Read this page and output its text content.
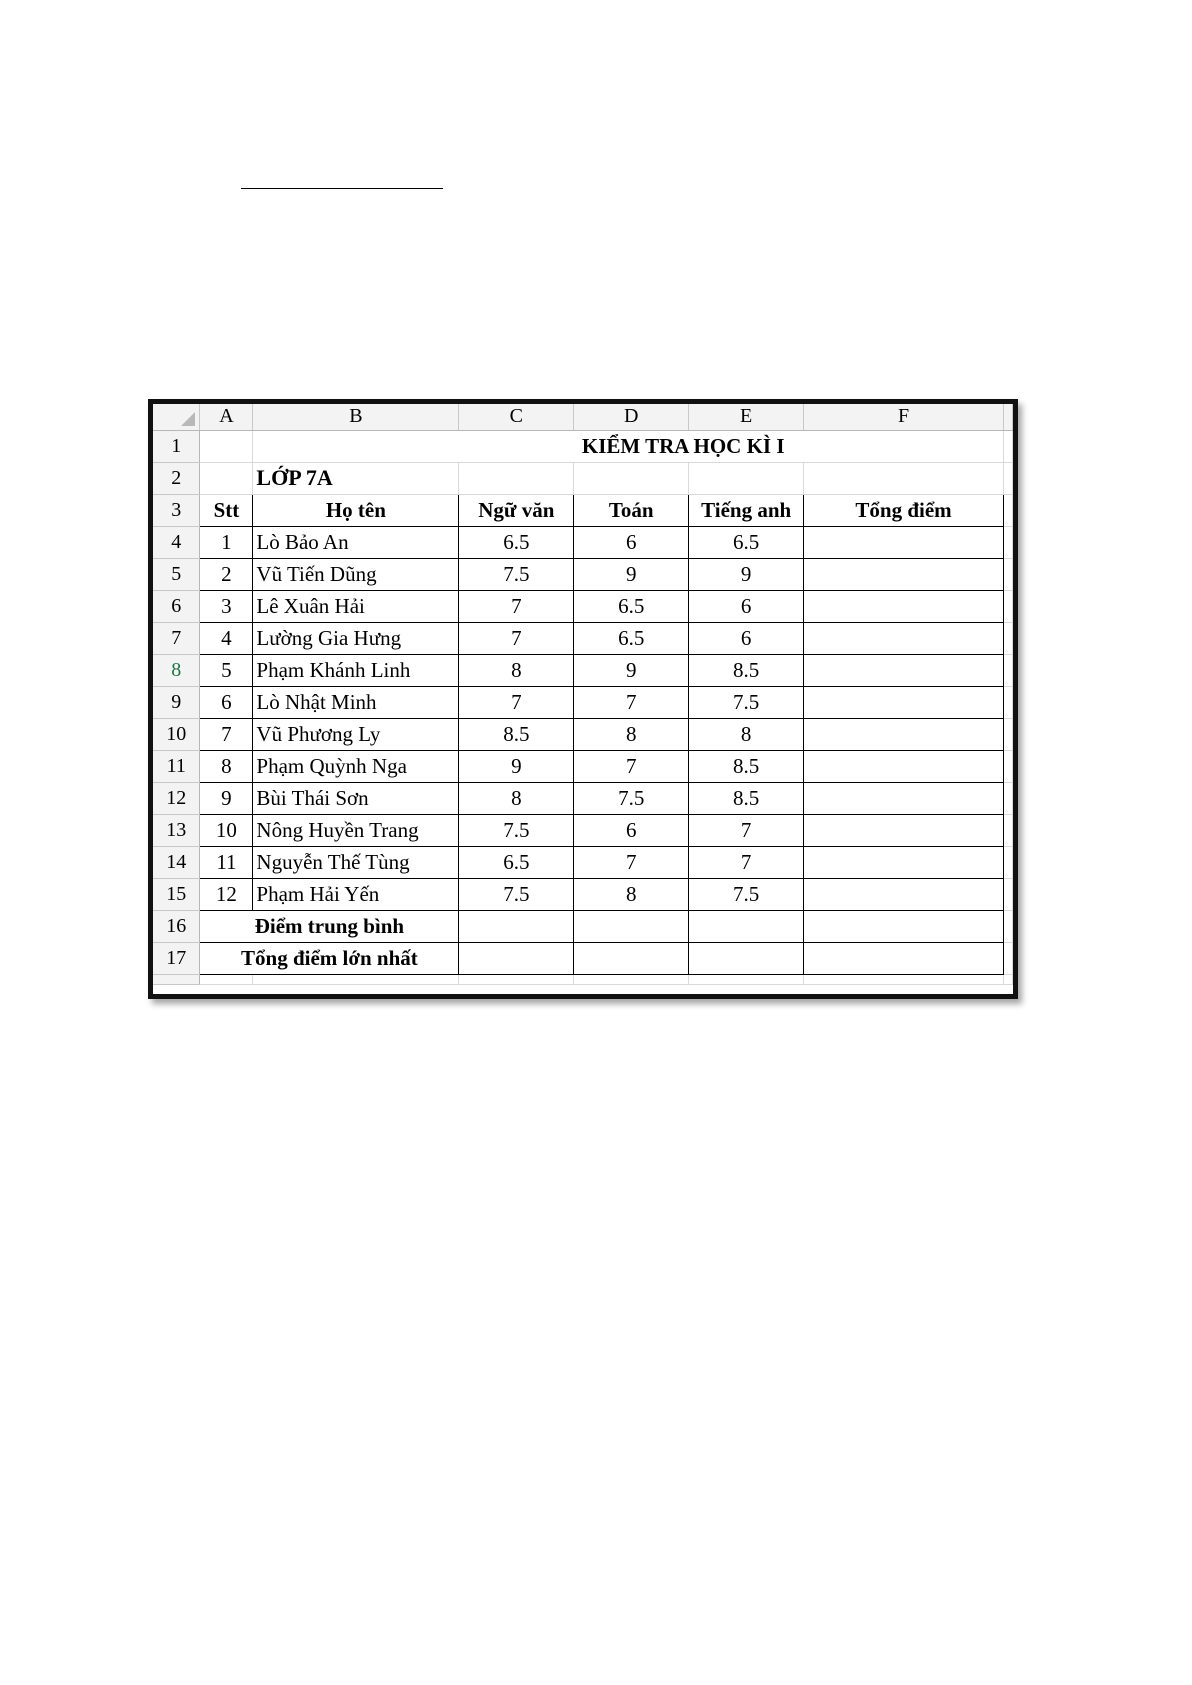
	A	B	C	D	E	F	
1		KIỂM TRA HỌC KÌ I					
2		LỚP 7A					
3	Stt	Họ tên	Ngữ văn	Toán	Tiếng anh	Tổng điểm	
4	1	Lò Bảo An	6.5	6	6.5		
5	2	Vũ Tiến Dũng	7.5	9	9		
6	3	Lê Xuân Hải	7	6.5	6		
7	4	Lường Gia Hưng	7	6.5	6		
8	5	Phạm Khánh Linh	8	9	8.5		
9	6	Lò Nhật Minh	7	7	7.5		
10	7	Vũ Phương Ly	8.5	8	8		
11	8	Phạm Quỳnh Nga	9	7	8.5		
12	9	Bùi Thái Sơn	8	7.5	8.5		
13	10	Nông Huyền Trang	7.5	6	7		
14	11	Nguyễn Thế Tùng	6.5	7	7		
15	12	Phạm Hải Yến	7.5	8	7.5		
16	Điểm trung bình						
17	Tổng điểm lớn nhất						
